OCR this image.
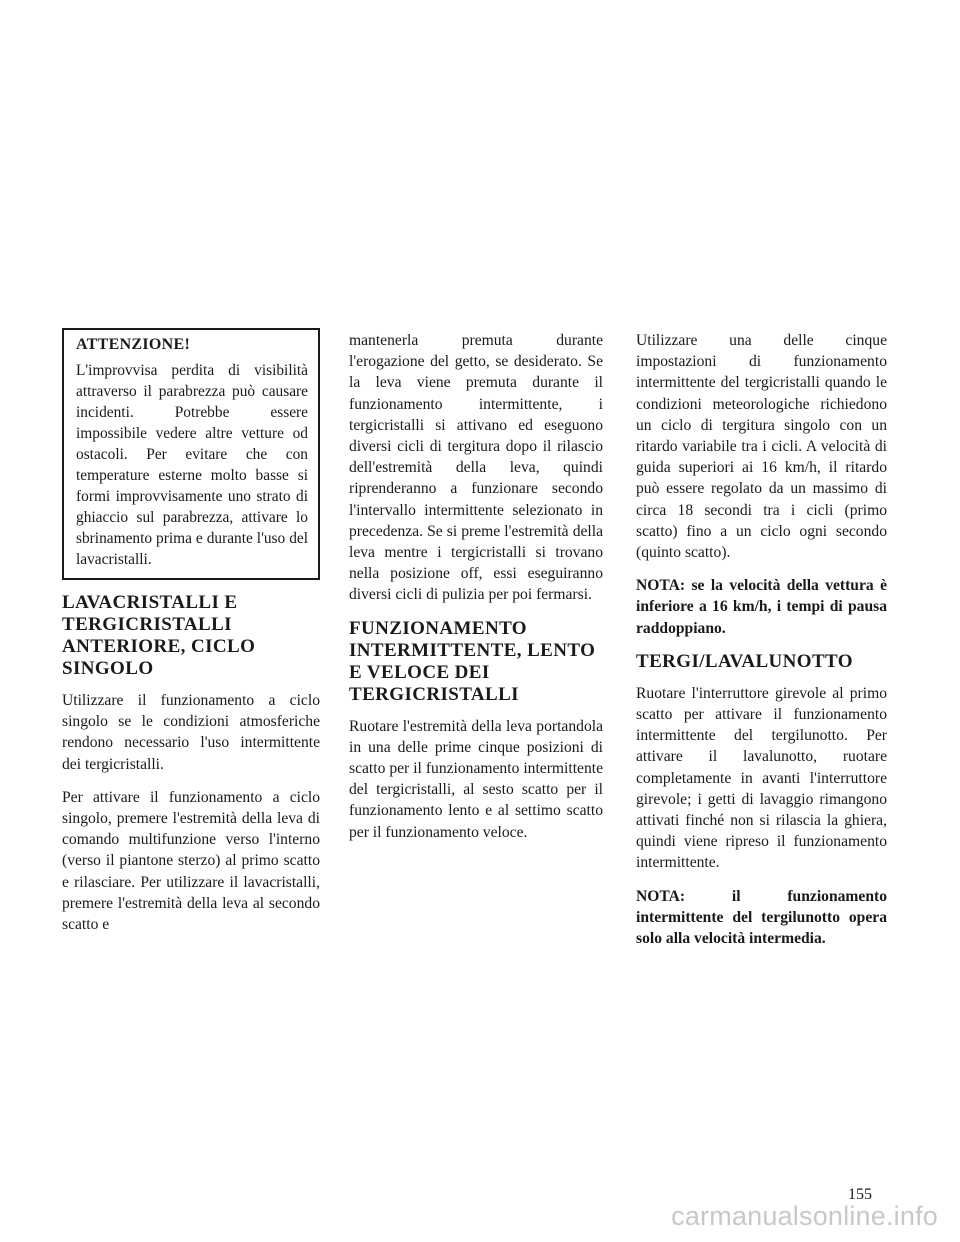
ATTENZIONE!

L'improvvisa perdita di visibilità attraverso il parabrezza può causare incidenti. Potrebbe essere impossibile vedere altre vetture od ostacoli. Per evitare che con temperature esterne molto basse si formi improvvisamente uno strato di ghiaccio sul parabrezza, attivare lo sbrinamento prima e durante l'uso del lavacristalli.

LAVACRISTALLI E TERGICRISTALLI ANTERIORE, CICLO SINGOLO

Utilizzare il funzionamento a ciclo singolo se le condizioni atmosferiche rendono necessario l'uso intermittente dei tergicristalli.

Per attivare il funzionamento a ciclo singolo, premere l'estremità della leva di comando multifunzione verso l'interno (verso il piantone sterzo) al primo scatto e rilasciare. Per utilizzare il lavacristalli, premere l'estremità della leva al secondo scatto e

mantenerla premuta durante l'erogazione del getto, se desiderato. Se la leva viene premuta durante il funzionamento intermittente, i tergicristalli si attivano ed eseguono diversi cicli di tergitura dopo il rilascio dell'estremità della leva, quindi riprenderanno a funzionare secondo l'intervallo intermittente selezionato in precedenza. Se si preme l'estremità della leva mentre i tergicristalli si trovano nella posizione off, essi eseguiranno diversi cicli di pulizia per poi fermarsi.

FUNZIONAMENTO INTERMITTENTE, LENTO E VELOCE DEI TERGICRISTALLI

Ruotare l'estremità della leva portandola in una delle prime cinque posizioni di scatto per il funzionamento intermittente del tergicristalli, al sesto scatto per il funzionamento lento e al settimo scatto per il funzionamento veloce.

Utilizzare una delle cinque impostazioni di funzionamento intermittente del tergicristalli quando le condizioni meteorologiche richiedono un ciclo di tergitura singolo con un ritardo variabile tra i cicli. A velocità di guida superiori ai 16 km/h, il ritardo può essere regolato da un massimo di circa 18 secondi tra i cicli (primo scatto) fino a un ciclo ogni secondo (quinto scatto).

NOTA: se la velocità della vettura è inferiore a 16 km/h, i tempi di pausa raddoppiano.

TERGI/LAVALUNOTTO

Ruotare l'interruttore girevole al primo scatto per attivare il funzionamento intermittente del tergilunotto. Per attivare il lavalunotto, ruotare completamente in avanti l'interruttore girevole; i getti di lavaggio rimangono attivati finché non si rilascia la ghiera, quindi viene ripreso il funzionamento intermittente.

NOTA: il funzionamento intermittente del tergilunotto opera solo alla velocità intermedia.

155
carmanualsonline.info
